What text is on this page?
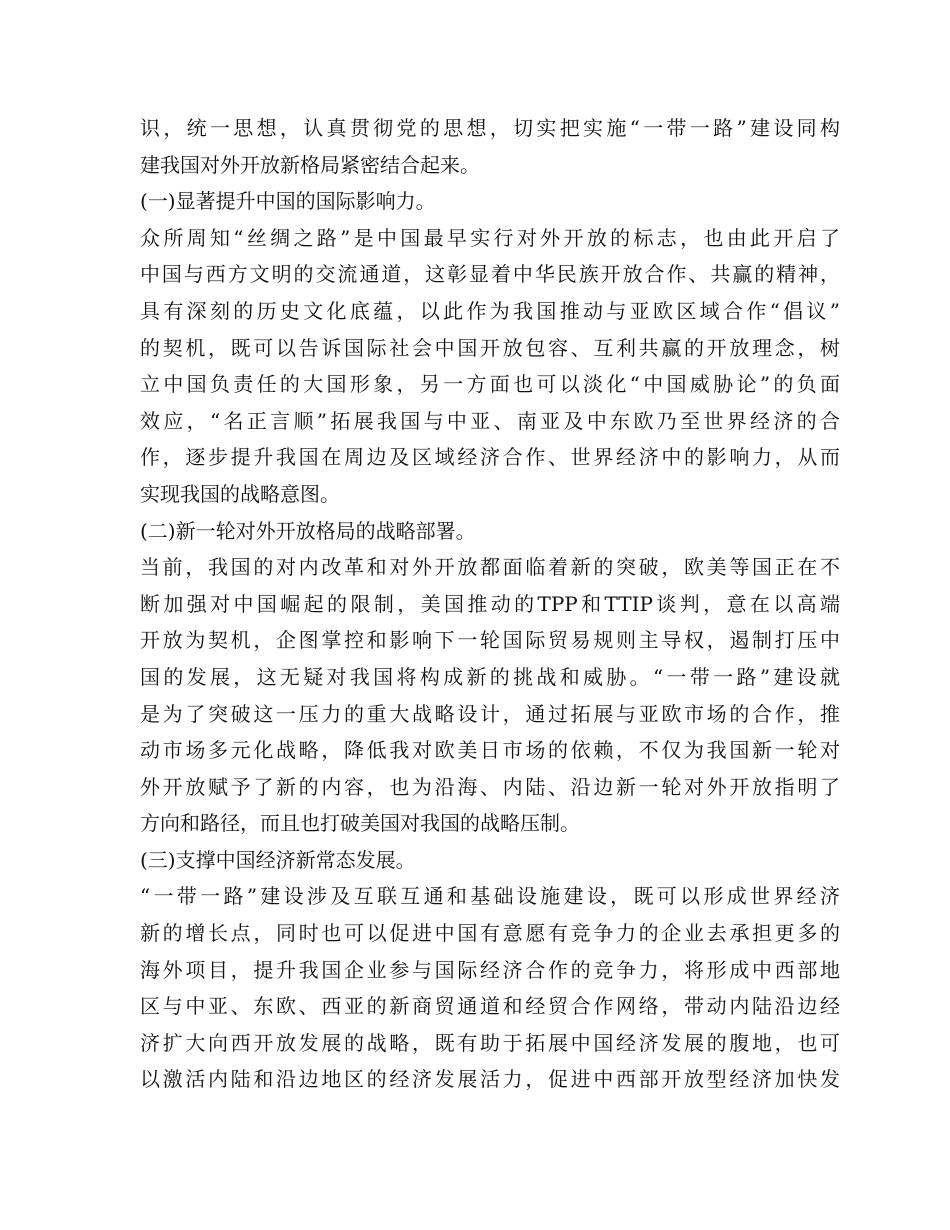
识，统一思想，认真贯彻党的思想，切实把实施“一带一路”建设同构
建我国对外开放新格局紧密结合起来。
(一)显著提升中国的国际影响力。
众所周知“丝绸之路”是中国最早实行对外开放的标志，也由此开启了
中国与西方文明的交流通道，这彰显着中华民族开放合作、共赢的精神，
具有深刻的历史文化底蕴，以此作为我国推动与亚欧区域合作“倡议”
的契机，既可以告诉国际社会中国开放包容、互利共赢的开放理念，树
立中国负责任的大国形象，另一方面也可以淡化“中国威胁论”的负面
效应，“名正言顺”拓展我国与中亚、南亚及中东欧乃至世界经济的合
作，逐步提升我国在周边及区域经济合作、世界经济中的影响力，从而
实现我国的战略意图。
(二)新一轮对外开放格局的战略部署。
当前，我国的对内改革和对外开放都面临着新的突破，欧美等国正在不
断加强对中国崛起的限制，美国推动的TPP和TTIP谈判，意在以高端
开放为契机，企图掌控和影响下一轮国际贸易规则主导权，遏制打压中
国的发展，这无疑对我国将构成新的挑战和威胁。“一带一路”建设就
是为了突破这一压力的重大战略设计，通过拓展与亚欧市场的合作，推
动市场多元化战略，降低我对欧美日市场的依赖，不仅为我国新一轮对
外开放赋予了新的内容，也为沿海、内陆、沿边新一轮对外开放指明了
方向和路径，而且也打破美国对我国的战略压制。
(三)支撑中国经济新常态发展。
“一带一路”建设涉及互联互通和基础设施建设，既可以形成世界经济
新的增长点，同时也可以促进中国有意愿有竞争力的企业去承担更多的
海外项目，提升我国企业参与国际经济合作的竞争力，将形成中西部地
区与中亚、东欧、西亚的新商贸通道和经贸合作网络，带动内陆沿边经
济扩大向西开放发展的战略，既有助于拓展中国经济发展的腹地，也可
以激活内陆和沿边地区的经济发展活力，促进中西部开放型经济加快发
